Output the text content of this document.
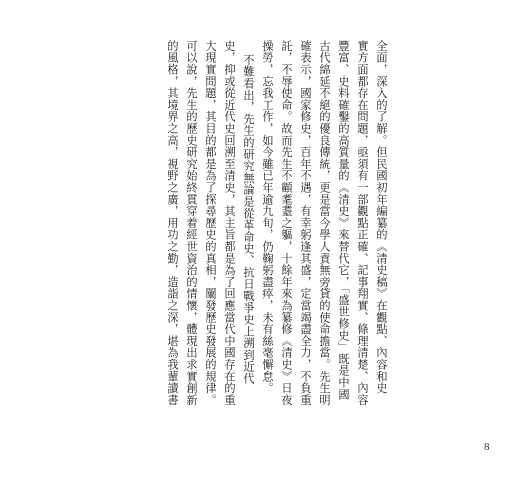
全面，深入的了解。但民國初年編纂的《清史稿》在觀點、內容和史
實方面都存在問題，亟須有一部觀點正確、記事翔實、條理清楚、內容
豐富、史料確鑿的高質量的《清史》來替代它，「盛世修史」既是中國
古代綿延不絕的優良傳統，更是當今學人責無旁貸的使命擔當。先生明
確表示，國家修史，百年不遇，有幸躬逢其盛，定當竭盡全力，不負重
託，不辱使命。故而先生不顧耄耋之軀，十餘年來為纂修《清史》日夜
操勞，忘我工作，如今雖已年逾九旬，仍鞠躬盡瘁，未有絲毫懈怠。
不難看出，先生的研究無論是從革命史、抗日戰爭史上溯到近代
史，抑或從近代史回溯至清史，其主旨都是為了回應當代中國存在的重
大現實問題，其目的都是為了探尋歷史的真相，闡發歷史發展的規律。
可以說，先生的歷史研究始終貫穿着經世資治的情懷，體現出求實創新
的風格，其境界之高，視野之廣，用功之勤，造詣之深，堪為我輩讀書
8
